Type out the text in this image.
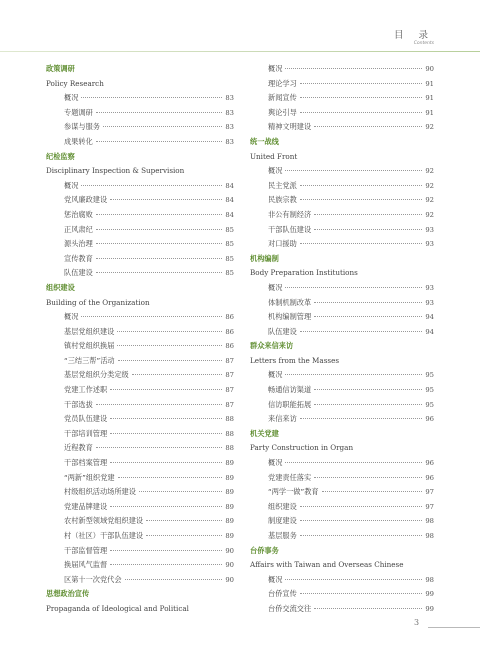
目 录
Contents
政策调研
Policy Research
概况	83
专题调研	83
参谋与服务	83
成果转化	83
纪检监察
Disciplinary Inspection & Supervision
概况	84
党风廉政建设	84
惩治腐败	84
正风肃纪	85
源头治理	85
宣传教育	85
队伍建设	85
组织建设
Building of the Organization
概况	86
基层党组织建设	86
镇村党组织换届	86
“三结三帮”活动	87
基层党组织分类定级	87
党建工作述职	87
干部选拔	87
党员队伍建设	88
干部培训管理	88
近程教育	88
干部档案管理	89
“两新”组织党建	89
村级组织活动场所建设	89
党建品牌建设	89
农村新型领域党组织建设	89
村（社区）干部队伍建设	89
干部监督管理	90
换届风气监督	90
区第十一次党代会	90
思想政治宣传
Propaganda of Ideological and Political
概况	90
理论学习	91
新闻宣传	91
舆论引导	91
精神文明建设	92
统一战线
United Front
概况	92
民主党派	92
民族宗教	92
非公有制经济	92
干部队伍建设	93
对口援助	93
机构编制
Body Preparation Institutions
概况	93
体制机制改革	93
机构编制管理	94
队伍建设	94
群众来信来访
Letters from the Masses
概况	95
畅通信访渠道	95
信访职能拓展	95
来信来访	96
机关党建
Party Construction in Organ
概况	96
党建责任落实	96
“两学一做”教育	97
组织建设	97
制度建设	98
基层服务	98
台侨事务
Affairs with Taiwan and Overseas Chinese
概况	98
台侨宣传	99
台侨交流交往	99
3
